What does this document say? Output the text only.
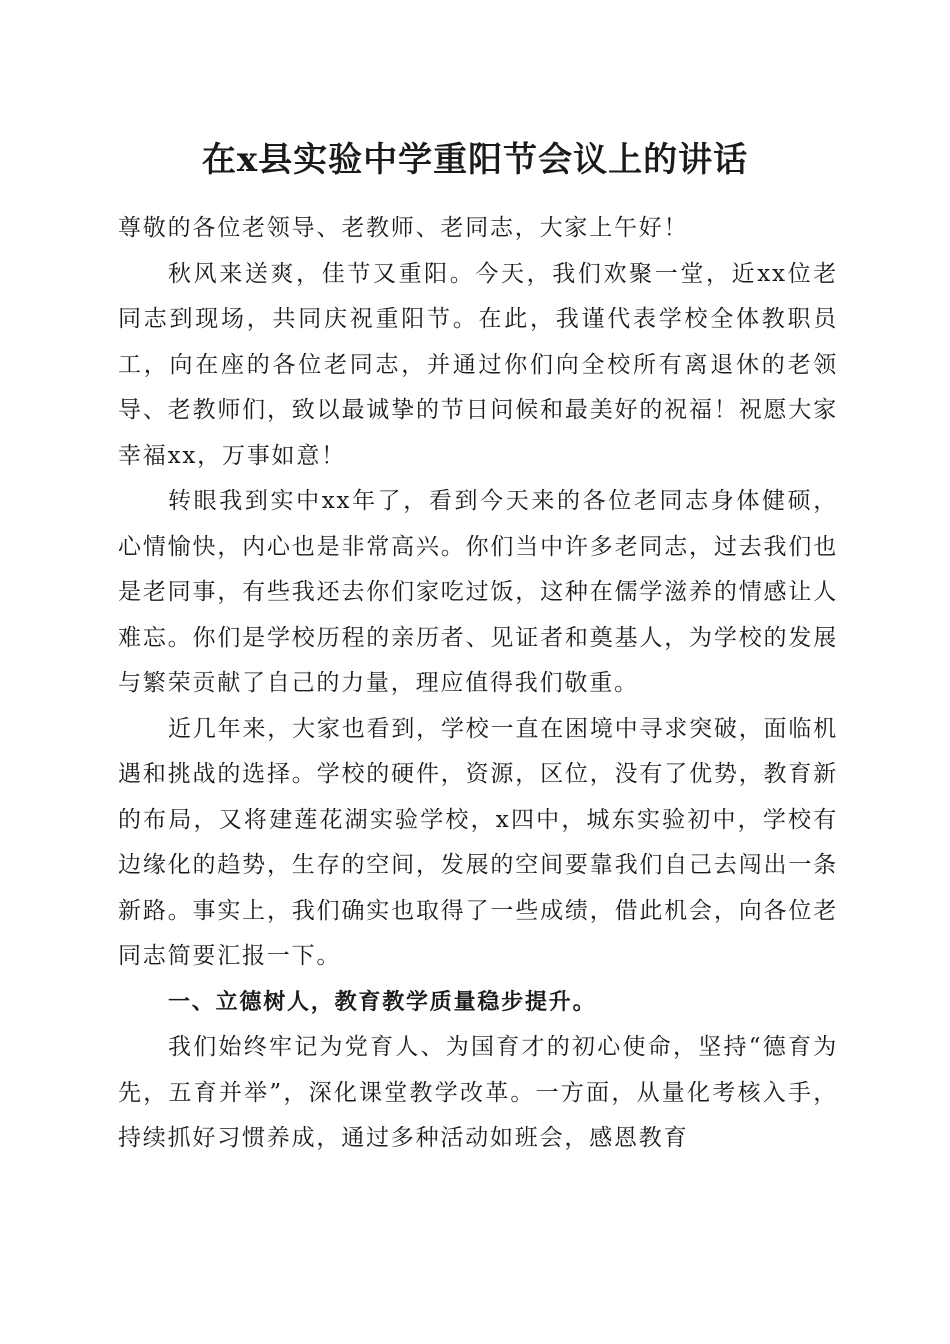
在x县实验中学重阳节会议上的讲话

尊敬的各位老领导、老教师、老同志，大家上午好！

秋风来送爽，佳节又重阳。今天，我们欢聚一堂，近xx位老同志到现场，共同庆祝重阳节。在此，我谨代表学校全体教职员工，向在座的各位老同志，并通过你们向全校所有离退休的老领导、老教师们，致以最诚挚的节日问候和最美好的祝福！祝愿大家幸福xx，万事如意！

转眼我到实中xx年了，看到今天来的各位老同志身体健硕，心情愉快，内心也是非常高兴。你们当中许多老同志，过去我们也是老同事，有些我还去你们家吃过饭，这种在儒学滋养的情感让人难忘。你们是学校历程的亲历者、见证者和奠基人，为学校的发展与繁荣贡献了自己的力量，理应值得我们敬重。

近几年来，大家也看到，学校一直在困境中寻求突破，面临机遇和挑战的选择。学校的硬件，资源，区位，没有了优势，教育新的布局，又将建莲花湖实验学校，x四中，城东实验初中，学校有边缘化的趋势，生存的空间，发展的空间要靠我们自己去闯出一条新路。事实上，我们确实也取得了一些成绩，借此机会，向各位老同志简要汇报一下。

一、立德树人，教育教学质量稳步提升。

我们始终牢记为党育人、为国育才的初心使命，坚持“德育为先，五育并举”，深化课堂教学改革。一方面，从量化考核入手，持续抓好习惯养成，通过多种活动如班会，感恩教育
